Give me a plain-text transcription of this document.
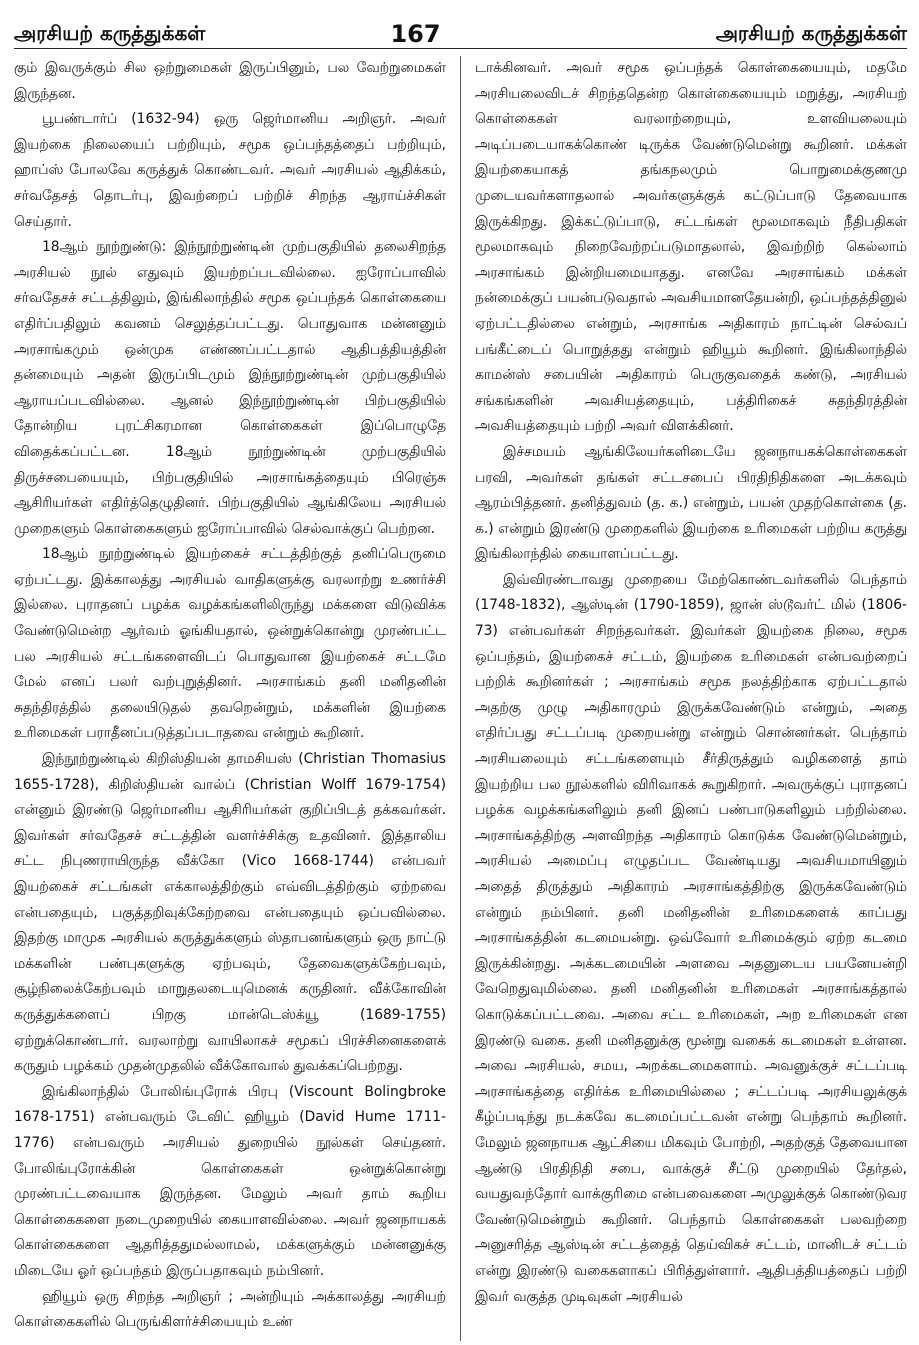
அரசியற் கருத்துக்கள்	167	அரசியற் கருத்துக்கள்

கும் இவருக்கும் சில ஒற்றுமைகள் இருப்பினும், பல வேற்றுமைகள் இருந்தன.

பூபண்டார்ப் (1632-94) ஒரு ஜெர்மானிய அறிஞர். அவர் இயற்கை நிலையைப் பற்றியும், சமூக ஒப்பந்தத்தைப் பற்றியும், ஹாப்ஸ் போலவே கருத்துக் கொண்டவர். அவர் அரசியல் ஆதிக்கம், சர்வதேசத் தொடர்பு, இவற்றைப் பற்றிச் சிறந்த ஆராய்ச்சிகள் செய்தார்.

18ஆம் நூற்றுண்டு: இந்நூற்றுண்டின் முற்பகுதியில் தலைசிறந்த அரசியல் நூல் எதுவும் இயற்றப்படவில்லை. ஐரோப்பாவில் சர்வதேசச் சட்டத்திலும், இங்கிலாந்தில் சமூக ஒப்பந்தக் கொள்கையை எதிர்ப்பதிலும் கவனம் செலுத்தப்பட்டது. பொதுவாக மன்னனும் அரசாங்கமும் ஒன்முக எண்ணப்பட்டதால் ஆதிபத்தியத்தின் தன்மையும் அதன் இருப்பிடமும் இந்நூற்றுண்டின் முற்பகுதியில் ஆராயப்படவில்லை. ஆனல் இந்நூற்றுண்டின் பிற்பகுதியில் தோன்றிய புரட்சிகரமான கொள்கைகள் இப்பொழுதே விதைக்கப்பட்டன. 18ஆம் நூற்றுண்டின் முற்பகுதியில் திருச்சபையையும், பிற்பகுதியில் அரசாங்கத்தையும் பிரெஞ்சு ஆசிரியர்கள் எதிர்த்தெழுதினர். பிற்பகுதியில் ஆங்கிலேய அரசியல் முறைகளும் கொள்கைகளும் ஐரோப்பாவில் செல்வாக்குப் பெற்றன.

18ஆம் நூற்றுண்டில் இயற்கைச் சட்டத்திற்குத் தனிப்பெருமை ஏற்பட்டது. இக்காலத்து அரசியல் வாதிகளுக்கு வரலாற்று உணர்ச்சி இல்லை. புராதனப் பழக்க வழக்கங்களிலிருந்து மக்களை விடுவிக்க வேண்டுமென்ற ஆர்வம் ஓங்கியதால், ஒன்றுக்கொன்று முரண்பட்ட பல அரசியல் சட்டங்களைவிடப் பொதுவான இயற்கைச் சட்டமே மேல் எனப் பலர் வற்புறுத்தினர். அரசாங்கம் தனி மனிதனின் சுதந்திரத்தில் தலையிடுதல் தவறென்றும், மக்களின் இயற்கை உரிமைகள் பராதீனப்படுத்தப்படாதவை என்றும் கூறினர்.

இந்நூற்றுண்டில் கிறிஸ்தியன் தாமசியஸ் (Christian Thomasius 1655-1728), கிறிஸ்தியன் வால்ப் (Christian Wolff 1679-1754) என்னும் இரண்டு ஜெர்மானிய ஆசிரியர்கள் குறிப்பிடத் தக்கவர்கள். இவர்கள் சர்வதேசச் சட்டத்தின் வளர்ச்சிக்கு உதவினர். இத்தாலிய சட்ட நிபுணராயிருந்த வீக்கோ (Vico 1668-1744) என்பவர் இயற்கைச் சட்டங்கள் எக்காலத்திற்கும் எவ்விடத்திற்கும் ஏற்றவை என்பதையும், பகுத்தறிவுக்கேற்றவை என்பதையும் ஒப்பவில்லை. இதற்கு மாமுக அரசியல் கருத்துக்களும் ஸ்தாபனங்களும் ஒரு நாட்டு மக்களின் பண்புகளுக்கு ஏற்பவும், தேவைகளுக்கேற்பவும், சூழ்நிலைக்கேற்பவும் மாறுதலடையுமெனக் கருதினர். வீக்கோவின் கருத்துக்களைப் பிறகு மான்டெஸ்க்யூ (1689-1755) ஏற்றுக்கொண்டார். வரலாற்று வாயிலாகச் சமூகப் பிரச்சினைகளைக் கருதும் பழக்கம் முதன்முதலில் வீக்கோவால் துவக்கப்பெற்றது.

இங்கிலாந்தில் போலிங்புரோக் பிரபு (Viscount Bolingbroke 1678-1751) என்பவரும் டேவிட் ஹியூம் (David Hume 1711-1776) என்பவரும் அரசியல் துறையில் நூல்கள் செய்தனர். போலிங்புரோக்கின் கொள்கைகள் ஒன்றுக்கொன்று முரண்பட்டவையாக இருந்தன. மேலும் அவர் தாம் கூறிய கொள்கைகளை நடைமுறையில் கையாளவில்லை. அவர் ஜனநாயகக் கொள்கைகளை ஆதரித்ததுமல்லாமல், மக்களுக்கும் மன்னனுக்கு மிடையே ஓர் ஒப்பந்தம் இருப்பதாகவும் நம்பினர்.

ஹியூம் ஒரு சிறந்த அறிஞர் ; அன்றியும் அக்காலத்து அரசியற் கொள்கைகளில் பெருங்கிளர்ச்சியையும் உண்

டாக்கினவர். அவர் சமூக ஒப்பந்தக் கொள்கையையும், மதமே அரசியலைவிடச் சிறந்ததென்ற கொள்கையையும் மறுத்து, அரசியற் கொள்கைகள் வரலாற்றையும், உளவியலையும் அடிப்படையாகக்கொண் டிருக்க வேண்டுமென்று கூறினர். மக்கள் இயற்கையாகத் தங்கநலமும் பொறுமைக்குணமு முடையவர்களாதலால் அவர்களுக்குக் கட்டுப்பாடு தேவையாக இருக்கிறது. இக்கட்டுப்பாடு, சட்டங்கள் மூலமாகவும் நீதிபதிகள் மூலமாகவும் நிறைவேற்றப்படுமாதலால், இவற்றிற் கெல்லாம் அரசாங்கம் இன்றியமையாதது. எனவே அரசாங்கம் மக்கள் நன்மைக்குப் பயன்படுவதால் அவசியமானதேயன்றி, ஒப்பந்தத்தினுல் ஏற்பட்டதில்லை என்றும், அரசாங்க அதிகாரம் நாட்டின் செல்வப் பங்கீட்டைப் பொறுத்தது என்றும் ஹியூம் கூறினர். இங்கிலாந்தில் காமன்ஸ் சபையின் அதிகாரம் பெருகுவதைக் கண்டு, அரசியல் சங்கங்களின் அவசியத்தையும், பத்திரிகைச் சுதந்திரத்தின் அவசியத்தையும் பற்றி அவர் விளக்கினர்.

இச்சமயம் ஆங்கிலேயர்களிடையே ஜனநாயகக்கொள்கைகள் பரவி, அவர்கள் தங்கள் சட்டசபைப் பிரதிநிதிகளை அடக்கவும் ஆரம்பித்தனர். தனித்துவம் (த. க.) என்றும், பயன் முதற்கொள்கை (த. க.) என்றும் இரண்டு முறைகளில் இயற்கை உரிமைகள் பற்றிய கருத்து இங்கிலாந்தில் கையாளப்பட்டது.

இவ்விரண்டாவது முறையை மேற்கொண்டவர்களில் பெந்தாம் (1748-1832), ஆஸ்டின் (1790-1859), ஜான் ஸ்டூவர்ட் மில் (1806-73) என்பவர்கள் சிறந்தவர்கள். இவர்கள் இயற்கை நிலை, சமூக ஒப்பந்தம், இயற்கைச் சட்டம், இயற்கை உரிமைகள் என்பவற்றைப் பற்றிக் கூறினர்கள் ; அரசாங்கம் சமூக நலத்திற்காக ஏற்பட்டதால் அதற்கு முழு அதிகாரமும் இருக்கவேண்டும் என்றும், அதை எதிர்ப்பது சட்டப்படி முறையன்று என்றும் சொன்னர்கள். பெந்தாம் அரசியலையும் சட்டங்களையும் சீர்திருத்தும் வழிகளைத் தாம் இயற்றிய பல நூல்களில் விரிவாகக் கூறுகிறார். அவருக்குப் புராதனப் பழக்க வழக்கங்களிலும் தனி இனப் பண்பாடுகளிலும் பற்றில்லை. அரசாங்கத்திற்கு அளவிறந்த அதிகாரம் கொடுக்க வேண்டுமென்றும், அரசியல் அமைப்பு எழுதப்பட வேண்டியது அவசியமாயினும் அதைத் திருத்தும் அதிகாரம் அரசாங்கத்திற்கு இருக்கவேண்டும் என்றும் நம்பினர். தனி மனிதனின் உரிமைகளைக் காப்பது அரசாங்கத்தின் கடமையன்று. ஒவ்வோர் உரிமைக்கும் ஏற்ற கடமை இருக்கின்றது. அக்கடமையின் அளவை அதனுடைய பயனேயன்றி வேறெதுவுமில்லை. தனி மனிதனின் உரிமைகள் அரசாங்கத்தால் கொடுக்கப்பட்டவை. அவை சட்ட உரிமைகள், அற உரிமைகள் என இரண்டு வகை. தனி மனிதனுக்கு மூன்று வகைக் கடமைகள் உள்ளன. அவை அரசியல், சமய, அறக்கடமைகளாம். அவனுக்குச் சட்டப்படி அரசாங்கத்தை எதிர்க்க உரிமையில்லை ; சட்டப்படி அரசியலுக்குக் கீழ்ப்படிந்து நடக்கவே கடமைப்பட்டவன் என்று பெந்தாம் கூறினர். மேலும் ஜனநாயக ஆட்சியை மிகவும் போற்றி, அதற்குத் தேவையான ஆண்டு பிரதிநிதி சபை, வாக்குச் சீட்டு முறையில் தேர்தல், வயதுவந்தோர் வாக்குரிமை என்பவைகளை அமுலுக்குக் கொண்டுவர வேண்டுமென்றும் கூறினர். பெந்தாம் கொள்கைகள் பலவற்றை அனுசரித்த ஆஸ்டின் சட்டத்தைத் தெய்விகச் சட்டம், மானிடச் சட்டம் என்று இரண்டு வகைகளாகப் பிரித்துள்ளார். ஆதிபத்தியத்தைப் பற்றி இவர் வகுத்த முடிவுகள் அரசியல்
